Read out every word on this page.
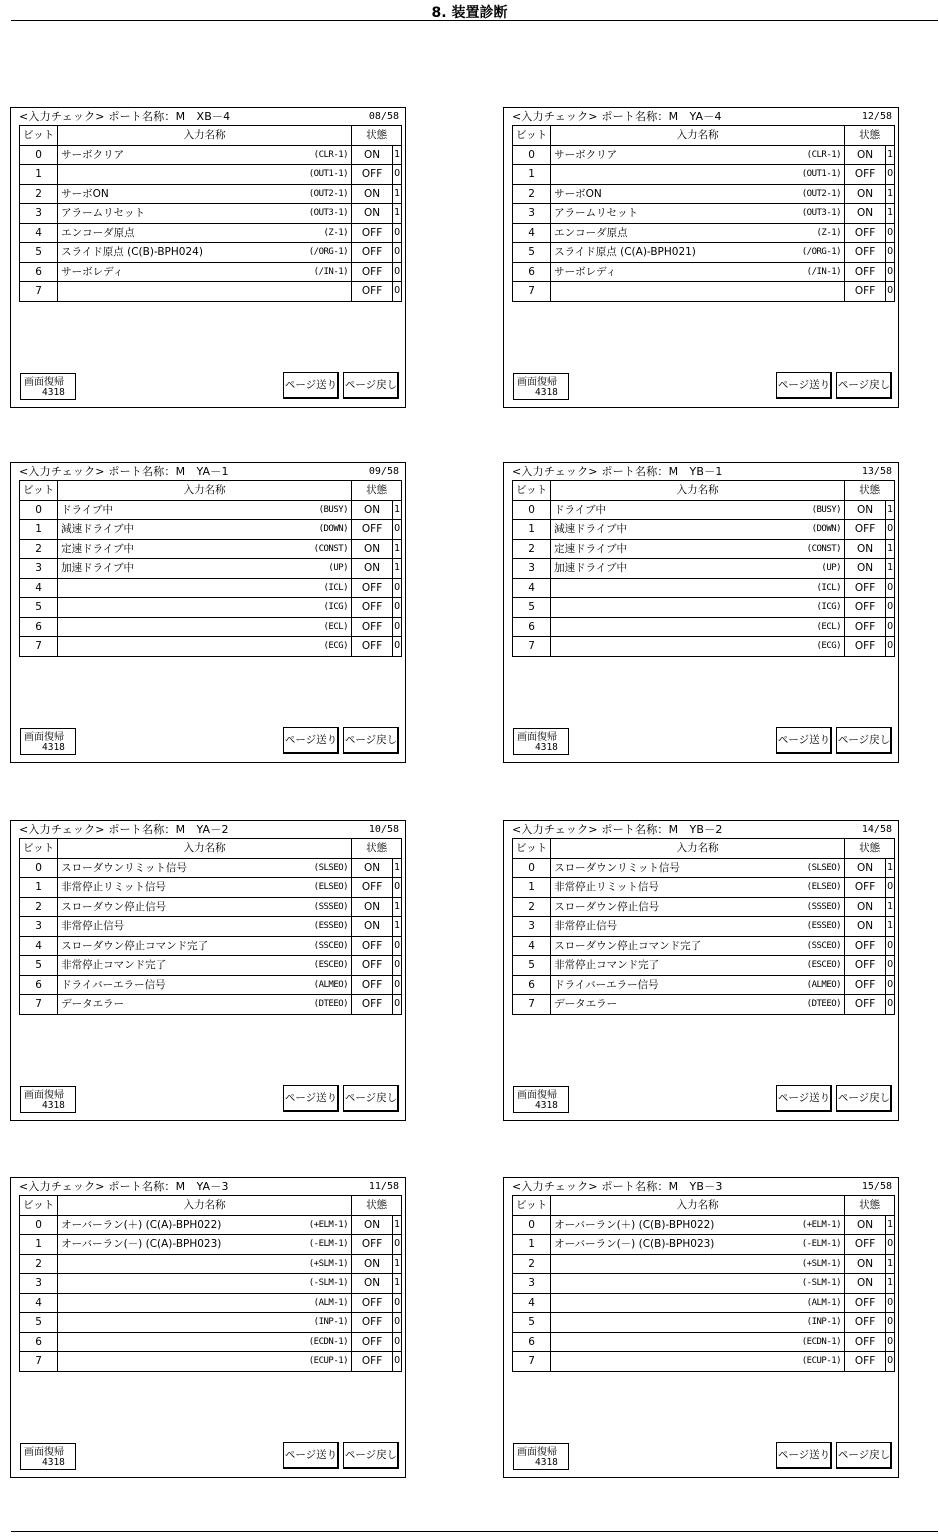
8. 装置診断
<入力チェック> ポート名称：M　XB－4	08/58
ビット	入力名称	状態	
0	サーボクリア (CLR-1)	ON	1
1	(OUT1-1)	OFF	0
2	サーボON (OUT2-1)	ON	1
3	アラームリセット (OUT3-1)	ON	1
4	エンコーダ原点 (Z-1)	OFF	0
5	スライド原点 (C(B)-BPH024) (/ORG-1)	OFF	0
6	サーボレディ (/IN-1)	OFF	0
7		OFF	0
画面復帰
4318
ページ送り ページ戻し
<入力チェック> ポート名称：M　YA－4	12/58
ビット	入力名称	状態	
0	サーボクリア (CLR-1)	ON	1
1	(OUT1-1)	OFF	0
2	サーボON (OUT2-1)	ON	1
3	アラームリセット (OUT3-1)	ON	1
4	エンコーダ原点 (Z-1)	OFF	0
5	スライド原点 (C(A)-BPH021) (/ORG-1)	OFF	0
6	サーボレディ (/IN-1)	OFF	0
7		OFF	0
画面復帰
4318
ページ送り ページ戻し
<入力チェック> ポート名称：M　YA－1	09/58
ビット	入力名称	状態	
0	ドライブ中 (BUSY)	ON	1
1	減速ドライブ中 (DOWN)	OFF	0
2	定速ドライブ中 (CONST)	ON	1
3	加速ドライブ中 (UP)	ON	1
4	(ICL)	OFF	0
5	(ICG)	OFF	0
6	(ECL)	OFF	0
7	(ECG)	OFF	0
画面復帰
4318
ページ送り ページ戻し
<入力チェック> ポート名称：M　YB－1	13/58
ビット	入力名称	状態	
0	ドライブ中 (BUSY)	ON	1
1	減速ドライブ中 (DOWN)	OFF	0
2	定速ドライブ中 (CONST)	ON	1
3	加速ドライブ中 (UP)	ON	1
4	(ICL)	OFF	0
5	(ICG)	OFF	0
6	(ECL)	OFF	0
7	(ECG)	OFF	0
画面復帰
4318
ページ送り ページ戻し
<入力チェック> ポート名称：M　YA－2	10/58
ビット	入力名称	状態	
0	スローダウンリミット信号 (SLSEO)	ON	1
1	非常停止リミット信号 (ELSEO)	OFF	0
2	スローダウン停止信号 (SSSEO)	ON	1
3	非常停止信号 (ESSEO)	ON	1
4	スローダウン停止コマンド完了 (SSCEO)	OFF	0
5	非常停止コマンド完了 (ESCEO)	OFF	0
6	ドライバーエラー信号 (ALMEO)	OFF	0
7	データエラー (DTEEO)	OFF	0
画面復帰
4318
ページ送り ページ戻し
<入力チェック> ポート名称：M　YB－2	14/58
ビット	入力名称	状態	
0	スローダウンリミット信号 (SLSEO)	ON	1
1	非常停止リミット信号 (ELSEO)	OFF	0
2	スローダウン停止信号 (SSSEO)	ON	1
3	非常停止信号 (ESSEO)	ON	1
4	スローダウン停止コマンド完了 (SSCEO)	OFF	0
5	非常停止コマンド完了 (ESCEO)	OFF	0
6	ドライバーエラー信号 (ALMEO)	OFF	0
7	データエラー (DTEEO)	OFF	0
画面復帰
4318
ページ送り ページ戻し
<入力チェック> ポート名称：M　YA－3	11/58
ビット	入力名称	状態	
0	オーバーラン(＋) (C(A)-BPH022) (+ELM-1)	ON	1
1	オーバーラン(－) (C(A)-BPH023) (-ELM-1)	OFF	0
2	(+SLM-1)	ON	1
3	(-SLM-1)	ON	1
4	(ALM-1)	OFF	0
5	(INP-1)	OFF	0
6	(ECDN-1)	OFF	0
7	(ECUP-1)	OFF	0
画面復帰
4318
ページ送り ページ戻し
<入力チェック> ポート名称：M　YB－3	15/58
ビット	入力名称	状態	
0	オーバーラン(＋) (C(B)-BPH022) (+ELM-1)	ON	1
1	オーバーラン(－) (C(B)-BPH023) (-ELM-1)	OFF	0
2	(+SLM-1)	ON	1
3	(-SLM-1)	ON	1
4	(ALM-1)	OFF	0
5	(INP-1)	OFF	0
6	(ECDN-1)	OFF	0
7	(ECUP-1)	OFF	0
画面復帰
4318
ページ送り ページ戻し
